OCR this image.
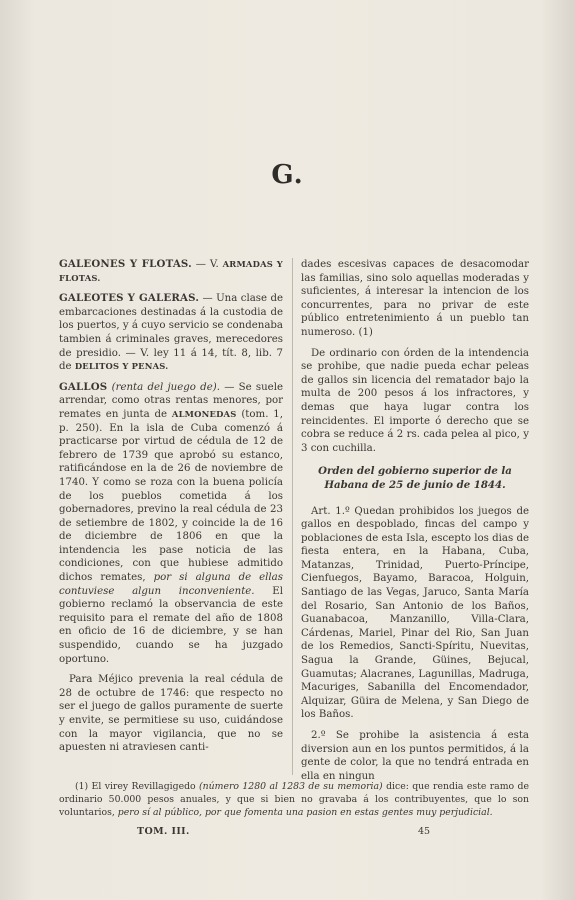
G.

GALEONES Y FLOTAS. — V. ARMADAS Y FLOTAS.

GALEOTES Y GALERAS. — Una clase de embarcaciones destinadas á la custodia de los puertos, y á cuyo servicio se condenaba tambien á criminales graves, merecedores de presidio. — V. ley 11 á 14, tít. 8, lib. 7 de DELITOS Y PENAS.

GALLOS (renta del juego de). — Se suele arrendar, como otras rentas menores, por remates en junta de ALMONEDAS (tom. 1, p. 250). En la isla de Cuba comenzó á practicarse por virtud de cédula de 12 de febrero de 1739 que aprobó su estanco, ratificándose en la de 26 de noviembre de 1740. Y como se roza con la buena policía de los pueblos cometida á los gobernadores, previno la real cédula de 23 de setiembre de 1802, y coincide la de 16 de diciembre de 1806 en que la intendencia les pase noticia de las condiciones, con que hubiese admitido dichos remates, por si alguna de ellas contuviese algun inconveniente. El gobierno reclamó la observancia de este requisito para el remate del año de 1808 en oficio de 16 de diciembre, y se han suspendido, cuando se ha juzgado oportuno.

Para Méjico prevenia la real cédula de 28 de octubre de 1746: que respecto no ser el juego de gallos puramente de suerte y envite, se permitiese su uso, cuidándose con la mayor vigilancia, que no se apuesten ni atraviesen canti-

dades escesivas capaces de desacomodar las familias, sino solo aquellas moderadas y suficientes, á interesar la intencion de los concurrentes, para no privar de este público entretenimiento á un pueblo tan numeroso. (1)

De ordinario con órden de la intendencia se prohibe, que nadie pueda echar peleas de gallos sin licencia del rematador bajo la multa de 200 pesos á los infractores, y demas que haya lugar contra los reincidentes. El importe ó derecho que se cobra se reduce á 2 rs. cada pelea al pico, y 3 con cuchilla.

Orden del gobierno superior de la Habana de 25 de junio de 1844.

Art. 1.º Quedan prohibidos los juegos de gallos en despoblado, fincas del campo y poblaciones de esta Isla, escepto los dias de fiesta entera, en la Habana, Cuba, Matanzas, Trinidad, Puerto-Príncipe, Cienfuegos, Bayamo, Baracoa, Holguin, Santiago de las Vegas, Jaruco, Santa María del Rosario, San Antonio de los Baños, Guanabacoa, Manzanillo, Villa-Clara, Cárdenas, Mariel, Pinar del Rio, San Juan de los Remedios, Sancti-Spíritu, Nuevitas, Sagua la Grande, Güines, Bejucal, Guamutas; Alacranes, Lagunillas, Madruga, Macuriges, Sabanilla del Encomendador, Alquizar, Güira de Melena, y San Diego de los Baños.

2.º Se prohibe la asistencia á esta diversion aun en los puntos permitidos, á la gente de color, la que no tendrá entrada en ella en ningun

(1) El virey Revillagigedo (número 1280 al 1283 de su memoria) dice: que rendia este ramo de ordinario 50.000 pesos anuales, y que si bien no gravaba á los contribuyentes, que lo son voluntarios, pero sí al público, por que fomenta una pasion en estas gentes muy perjudicial.
TOM. III.	45
